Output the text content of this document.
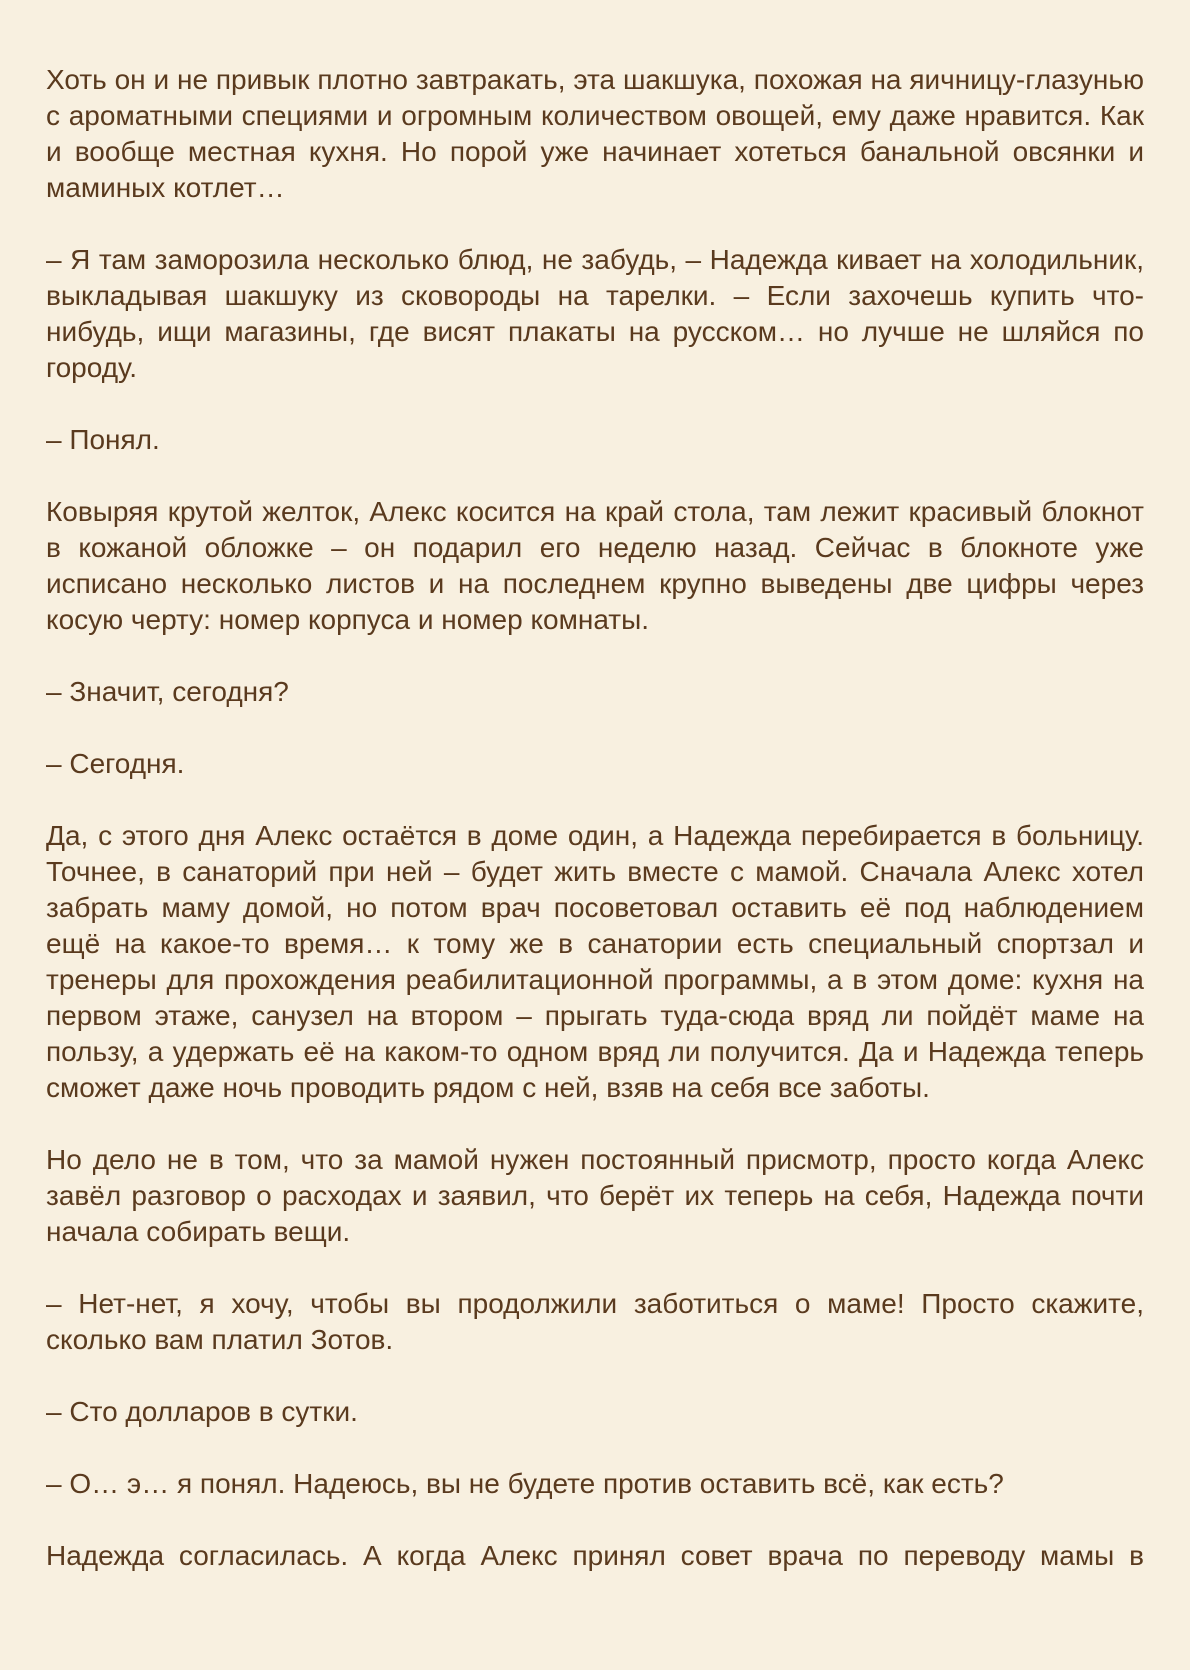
Хоть он и не привык плотно завтракать, эта шакшука, похожая на яичницу-глазунью с ароматными специями и огромным количеством овощей, ему даже нравится. Как и вообще местная кухня. Но порой уже начинает хотеться банальной овсянки и маминых котлет…

– Я там заморозила несколько блюд, не забудь, – Надежда кивает на холодильник, выкладывая шакшуку из сковороды на тарелки. – Если захочешь купить что-нибудь, ищи магазины, где висят плакаты на русском… но лучше не шляйся по городу.

– Понял.

Ковыряя крутой желток, Алекс косится на край стола, там лежит красивый блокнот в кожаной обложке – он подарил его неделю назад. Сейчас в блокноте уже исписано несколько листов и на последнем крупно выведены две цифры через косую черту: номер корпуса и номер комнаты.

– Значит, сегодня?

– Сегодня.

Да, с этого дня Алекс остаётся в доме один, а Надежда перебирается в больницу. Точнее, в санаторий при ней – будет жить вместе с мамой. Сначала Алекс хотел забрать маму домой, но потом врач посоветовал оставить её под наблюдением ещё на какое-то время… к тому же в санатории есть специальный спортзал и тренеры для прохождения реабилитационной программы, а в этом доме: кухня на первом этаже, санузел на втором – прыгать туда-сюда вряд ли пойдёт маме на пользу, а удержать её на каком-то одном вряд ли получится. Да и Надежда теперь сможет даже ночь проводить рядом с ней, взяв на себя все заботы.

Но дело не в том, что за мамой нужен постоянный присмотр, просто когда Алекс завёл разговор о расходах и заявил, что берёт их теперь на себя, Надежда почти начала собирать вещи.

– Нет-нет, я хочу, чтобы вы продолжили заботиться о маме! Просто скажите, сколько вам платил Зотов.

– Сто долларов в сутки.

– О… э… я понял. Надеюсь, вы не будете против оставить всё, как есть?

Надежда согласилась. А когда Алекс принял совет врача по переводу мамы в
